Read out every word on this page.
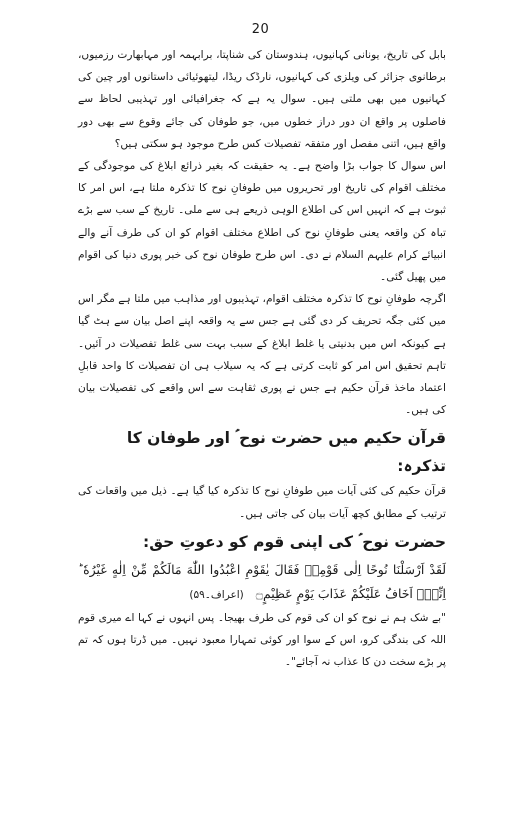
20

بابل کی تاریخ، یونانی کہانیوں، ہندوستان کی شناپتا، برابہمہ اور مہابھارت رزمیوں، برطانوی جزائر کی ویلزی کی کہانیوں، نارڈک ریڈا، لیتھوئیائی داستانوں اور چین کی کہانیوں میں بھی ملتی ہیں۔ سوال یہ ہے کہ جغرافیائی اور تہذیبی لحاظ سے فاصلوں پر واقع ان دور دراز خطوں میں، جو طوفان کی جائے وقوع سے بھی دور واقع ہیں، اتنی مفصل اور متفقہ تفصیلات کس طرح موجود ہو سکتی ہیں؟

اس سوال کا جواب بڑا واضح ہے۔ یہ حقیقت کہ بغیر ذرائع ابلاغ کی موجودگی کے مختلف اقوام کی تاریخ اور تحریروں میں طوفانِ نوح کا تذکرہ ملتا ہے، اس امر کا ثبوت ہے کہ انہیں اس کی اطلاع الوہی ذریعے ہی سے ملی۔ تاریخ کے سب سے بڑے تباہ کن واقعہ یعنی طوفانِ نوح کی اطلاع مختلف اقوام کو ان کی طرف آنے والے انبیائے کرام علیہم السلام نے دی۔ اس طرح طوفان نوح کی خبر پوری دنیا کی اقوام میں پھیل گئی۔

اگرچہ طوفانِ نوح کا تذکرہ مختلف اقوام، تہذیبوں اور مذاہب میں ملتا ہے مگر اس میں کئی جگہ تحریف کر دی گئی ہے جس سے یہ واقعہ اپنے اصل بیان سے ہٹ گیا ہے کیونکہ اس میں بدنیتی یا غلط ابلاغ کے سبب بہت سی غلط تفصیلات در آئیں۔ تاہم تحقیق اس امر کو ثابت کرتی ہے کہ یہ سیلاب ہی ان تفصیلات کا واحد قابلِ اعتماد ماخذ قرآن حکیم ہے جس نے پوری ثقاہت سے اس واقعے کی تفصیلات بیان کی ہیں۔

قرآن حکیم میں حضرت نوح ؑ اور طوفان کا تذکرہ:

قرآن حکیم کی کئی آیات میں طوفانِ نوح کا تذکرہ کیا گیا ہے۔ ذیل میں واقعات کی ترتیب کے مطابق کچھ آیات بیان کی جاتی ہیں۔

حضرت نوح ؑ کی اپنی قوم کو دعوتِ حق:

لَقَدْ اَرْسَلْنَا نُوحًا اِلٰی قَوْمِهٖ فَقَالَ یٰقَوْمِ اعْبُدُوا اللّٰهَ مَالَكُمْ مِّنْ اِلٰهٍ غَیْرُهٗ ؕ اِنِّیْۤ اَخَافُ عَلَیْكُمْ عَذَابَ یَوْمٍ عَظِیْمٍ۝ (اعراف۔۵۹)

"بے شک ہم نے نوح کو ان کی قوم کی طرف بھیجا۔ پس انہوں نے کہا اے میری قوم اللہ کی بندگی کرو، اس کے سوا اور کوئی تمہارا معبود نہیں۔ میں ڈرتا ہوں کہ تم پر بڑے سخت دن کا عذاب نہ آجائے"۔
